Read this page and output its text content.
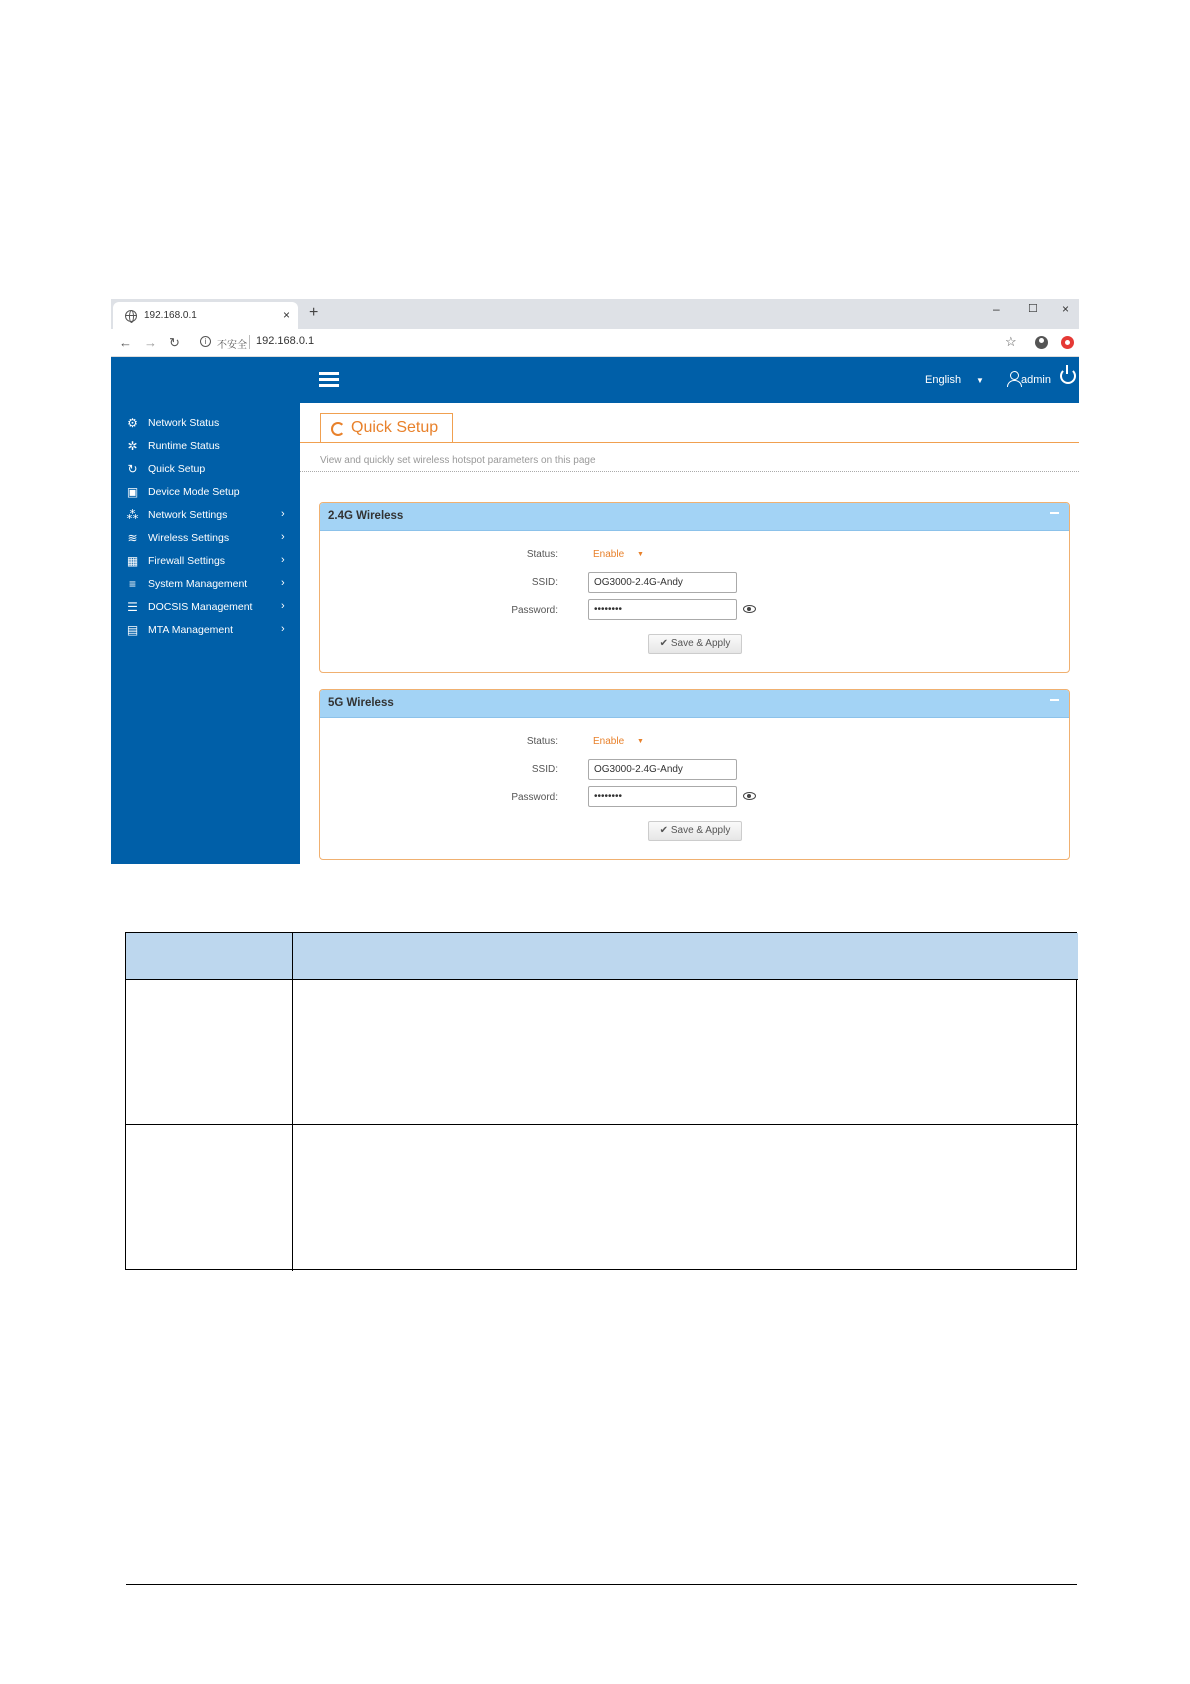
192.168.0.1	× +	–	☐ ×
← → ↻	i	不安全 192.168.0.1	☆
English ▼	admin
⚙ Network Status
✲ Runtime Status
↻ Quick Setup
▣ Device Mode Setup
⁂ Network Settings	›
≋ Wireless Settings	›
▦ Firewall Settings	›
≡	System Management	›
☰ DOCSIS Management	›
▤ MTA Management	›
Quick Setup
View and quickly set wireless hotspot parameters on this page
2.4G Wireless
Status:	Enable ▼
SSID:	OG3000-2.4G-Andy
Password:	••••••••
✔ Save & Apply
5G Wireless
Status:	Enable ▼
SSID:	OG3000-2.4G-Andy
Password:	••••••••
✔ Save & Apply
